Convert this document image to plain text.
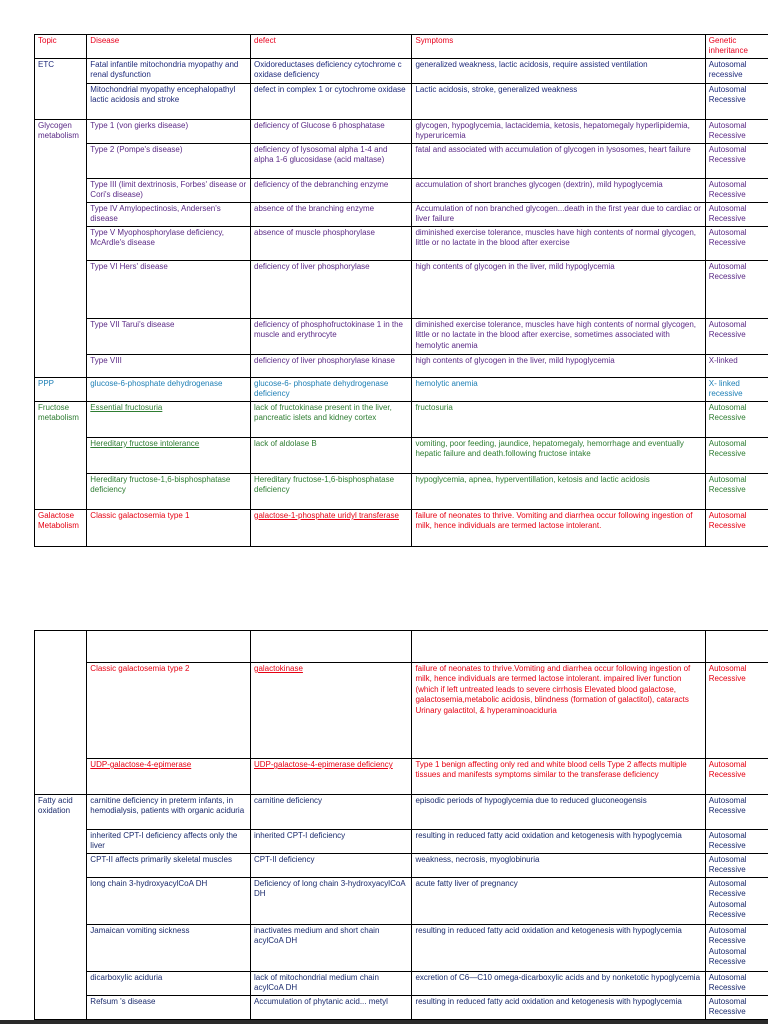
Topic	Disease	defect	Symptoms	Genetic inheritance
ETC	Fatal infantile mitochondria myopathy and renal dysfunction	Oxidoreductases deficiency cytochrome c oxidase deficiency	generalized weakness, lactic acidosis, require assisted ventilation	Autosomal recessive
	Mitochondrial myopathy encephalopathyl lactic acidosis and stroke	defect in complex 1 or cytochrome oxidase	Lactic acidosis, stroke, generalized weakness	Autosomal Recessive
Glycogen metabolism	Type 1 (von gierks disease)	deficiency of Glucose 6 phosphatase	glycogen, hypoglycemia, lactacidemia, ketosis, hepatomegaly hyperlipidemia, hyperuricemia	Autosomal Recessive
	Type 2 (Pompe's disease)	deficiency of lysosomal alpha 1-4 and alpha 1-6 glucosidase (acid maltase)	fatal and associated with accumulation of glycogen in lysosomes, heart failure	Autosomal Recessive
	Type III (limit dextrinosis, Forbes' disease or Cori's disease)	deficiency of the debranching enzyme	accumulation of short branches glycogen (dextrin), mild hypoglycemia	Autosomal Recessive
	Type IV Amylopectinosis, Andersen's disease	absence of the branching enzyme	Accumulation of non branched glycogen...death in the first year due to cardiac or liver failure	Autosomal Recessive
	Type V Myophosphorylase deficiency, McArdle's disease	absence of muscle phosphorylase	diminished exercise tolerance, muscles have high contents of normal glycogen, little or no lactate in the blood after exercise	Autosomal Recessive
	Type VI Hers' disease	deficiency of liver phosphorylase	high contents of glycogen in the liver, mild hypoglycemia	Autosomal Recessive
	Type VII Tarui's disease	deficiency of phosphofructokinase 1 in the muscle and erythrocyte	diminished exercise tolerance, muscles have high contents of normal glycogen, little or no lactate in the blood after exercise, sometimes associated with hemolytic anemia	Autosomal Recessive
	Type VIII	deficiency of liver phosphorylase kinase	high contents of glycogen in the liver, mild hypoglycemia	X-linked
PPP	glucose-6-phosphate dehydrogenase	glucose-6- phosphate dehydrogenase deficiency	hemolytic anemia	X- linked recessive
Fructose metabolism	Essential fructosuria	lack of fructokinase present in the liver, pancreatic islets and kidney cortex	fructosuria	Autosomal Recessive
	Hereditary fructose intolerance	lack of aldolase B	vomiting, poor feeding, jaundice, hepatomegaly, hemorrhage and eventually hepatic failure and death.following fructose intake	Autosomal Recessive
	Hereditary fructose-1,6-bisphosphatase deficiency	Hereditary fructose-1,6-bisphosphatase deficiency	hypoglycemia, apnea, hyperventillation, ketosis and lactic acidosis	Autosomal Recessive
Galactose Metabolism	Classic galactosemia type 1	galactose-1-phosphate uridyl transferase	failure of neonates to thrive. Vomiting and diarrhea occur following ingestion of milk, hence individuals are termed lactose intolerant.	Autosomal Recessive

	Classic galactosemia type 2	galactokinase	failure of neonates to thrive.Vomiting and diarrhea occur following ingestion of milk, hence individuals are termed lactose intolerant. impaired liver function (which if left untreated leads to severe cirrhosis Elevated blood galactose, galactosemia,metabolic acidosis, blindness (formation of galactitol), cataracts Urinary galactitol, & hyperaminoaciduria	Autosomal Recessive
	UDP-galactose-4-epimerase	UDP-galactose-4-epimerase deficiency	Type 1 benign affecting only red and white blood cells Type 2 affects multiple tissues and manifests symptoms similar to the transferase deficiency	Autosomal Recessive
Fatty acid oxidation	carnitine deficiency in preterm infants, in hemodialysis, patients with organic aciduria	carnitine deficiency	episodic periods of hypoglycemia due to reduced gluconeogensis	Autosomal Recessive
	inherited CPT-I deficiency affects only the liver	inherited CPT-I deficiency	resulting in reduced fatty acid oxidation and ketogenesis with hypoglycemia	Autosomal Recessive
	CPT-II affects primarily skeletal muscles	CPT-II deficiency	weakness, necrosis, myoglobinuria	Autosomal Recessive
	long chain 3-hydroxyacylCoA DH	Deficiency of long chain 3-hydroxyacylCoA DH	acute fatty liver of pregnancy	Autosomal Recessive Autosomal Recessive
	Jamaican vomiting sickness	inactivates medium and short chain acylCoA DH	resulting in reduced fatty acid oxidation and ketogenesis with hypoglycemia	Autosomal Recessive Autosomal Recessive
	dicarboxylic aciduria	lack of mitochondrial medium chain acylCoA DH	excretion of C6—C10 omega-dicarboxylic acids and by nonketotic hypoglycemia	Autosomal Recessive
	Refsum 's disease	Accumulation of phytanic acid... metyl	resulting in reduced fatty acid oxidation and ketogenesis with hypoglycemia	Autosomal Recessive
